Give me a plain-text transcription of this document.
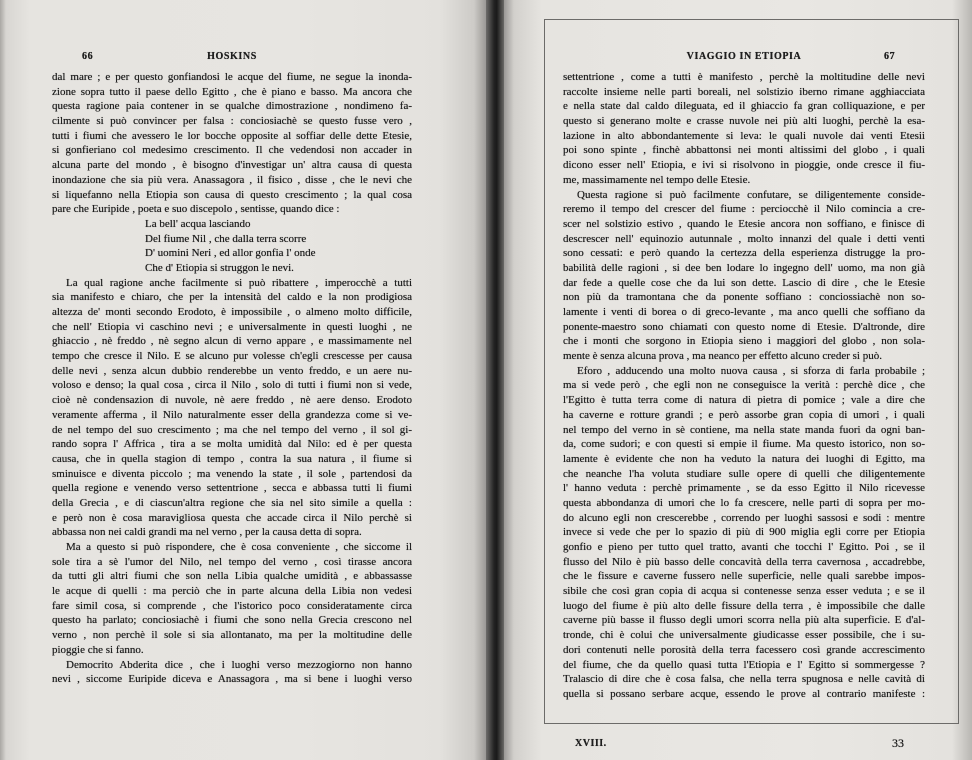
66	HOSKINS	VIAGGIO IN ETIOPIA	67
dal mare ; e per questo gonfiandosi le acque del fiume, ne segue la inonda-
zione sopra tutto il paese dello Egitto , che è piano e basso. Ma ancora che
questa ragione paia contener in se qualche dimostrazione , nondimeno fa-
cilmente si può convincer per falsa : conciosiachè se questo fusse vero ,
tutti i fiumi che avessero le lor bocche opposite al soffiar delle dette Etesie,
si gonfieriano col medesimo crescimento. Il che vedendosi non accader in
alcuna parte del mondo , è bisogno d'investigar un' altra causa di questa
inondazione che sia più vera. Anassagora , il fisico , disse , che le nevi che
si liquefanno nella Etiopia son causa di questo crescimento ; la qual cosa
pare che Euripide , poeta e suo discepolo , sentisse, quando dice :
La bell' acqua lasciando
Del fiume Nil , che dalla terra scorre
D' uomini Neri , ed allor gonfia l' onde
Che d' Etiopia si struggon le nevi.
La qual ragione anche facilmente si può ribattere , imperocchè a tutti
sia manifesto e chiaro, che per la intensità del caldo e la non prodigiosa
altezza de' monti secondo Erodoto, è impossibile , o almeno molto difficile,
che nell' Etiopia vi caschino nevi ; e universalmente in questi luoghi , ne
ghiaccio , nè freddo , nè segno alcun di verno appare , e massimamente nel
tempo che cresce il Nilo. E se alcuno pur volesse ch'egli crescesse per causa
delle nevi , senza alcun dubbio renderebbe un vento freddo, e un aere nu-
voloso e denso; la qual cosa , circa il Nilo , solo di tutti i fiumi non si vede,
cioè nè condensazion di nuvole, nè aere freddo , nè aere denso. Erodoto
veramente afferma , il Nilo naturalmente esser della grandezza come si ve-
de nel tempo del suo crescimento ; ma che nel tempo del verno , il sol gi-
rando sopra l' Affrica , tira a se molta umidità dal Nilo: ed è per questa
causa, che in quella stagion di tempo , contra la sua natura , il fiume si
sminuisce e diventa piccolo ; ma venendo la state , il sole , partendosi da
quella regione e venendo verso settentrione , secca e abbassa tutti li fiumi
della Grecia , e di ciascun'altra regione che sia nel sito simile a quella :
e però non è cosa maravigliosa questa che accade circa il Nilo perchè si
abbassa non nei caldi grandi ma nel verno , per la causa detta di sopra.
Ma a questo si può rispondere, che è cosa conveniente , che siccome il
sole tira a sè l'umor del Nilo, nel tempo del verno , così tirasse ancora
da tutti gli altri fiumi che son nella Libia qualche umidità , e abbassasse
le acque di quelli : ma perciò che in parte alcuna della Libia non vedesi
fare simil cosa, si comprende , che l'istorico poco consideratamente circa
questo ha parlato; conciosiachè i fiumi che sono nella Grecia crescono nel
verno , non perchè il sole si sia allontanato, ma per la moltitudine delle
pioggie che si fanno.
Democrito Abderita dice , che i luoghi verso mezzogiorno non hanno
nevi , siccome Euripide diceva e Anassagora , ma si bene i luoghi verso
settentrione , come a tutti è manifesto , perchè la moltitudine delle nevi
raccolte insieme nelle parti boreali, nel solstizio iberno rimane agghiacciata
e nella state dal caldo dileguata, ed il ghiaccio fa gran colliquazione, e per
questo si generano molte e crasse nuvole nei più alti luoghi, perchè la esa-
lazione in alto abbondantemente si leva: le quali nuvole dai venti Etesii
poi sono spinte , finchè abbattonsi nei monti altissimi del globo , i quali
dicono esser nell' Etiopia, e ivi si risolvono in pioggie, onde cresce il fiu-
me, massimamente nel tempo delle Etesie.
Questa ragione si può facilmente confutare, se diligentemente conside-
reremo il tempo del crescer del fiume : perciocchè il Nilo comincia a cre-
scer nel solstizio estivo , quando le Etesie ancora non soffiano, e finisce di
descrescer nell' equinozio autunnale , molto innanzi del quale i detti venti
sono cessati: e però quando la certezza della esperienza distrugge la pro-
babilità delle ragioni , si dee ben lodare lo ingegno dell' uomo, ma non già
dar fede a quelle cose che da lui son dette. Lascio di dire , che le Etesie
non più da tramontana che da ponente soffiano : conciossiachè non so-
lamente i venti di borea o di greco-levante , ma anco quelli che soffiano da
ponente-maestro sono chiamati con questo nome di Etesie. D'altronde, dire
che i monti che sorgono in Etiopia sieno i maggiori del globo , non sola-
mente è senza alcuna prova , ma neanco per effetto alcuno creder si può.
Eforo , adducendo una molto nuova causa , si sforza di farla probabile ;
ma si vede però , che egli non ne conseguisce la verità : perchè dice , che
l'Egitto è tutta terra come di natura di pietra di pomice ; vale a dire che
ha caverne e rotture grandi ; e però assorbe gran copia di umori , i quali
nel tempo del verno in sè contiene, ma nella state manda fuori da ogni ban-
da, come sudori; e con questi si empie il fiume. Ma questo istorico, non so-
lamente è evidente che non ha veduto la natura dei luoghi di Egitto, ma
che neanche l'ha voluta studiare sulle opere di quelli che diligentemente
l' hanno veduta : perchè primamente , se da esso Egitto il Nilo ricevesse
questa abbondanza di umori che lo fa crescere, nelle parti di sopra per mo-
do alcuno egli non crescerebbe , correndo per luoghi sassosi e sodi : mentre
invece si vede che per lo spazio di più di 900 miglia egli corre per Etiopia
gonfio e pieno per tutto quel tratto, avanti che tocchi l' Egitto. Poi , se il
flusso del Nilo è più basso delle concavità della terra cavernosa , accadrebbe,
che le fissure e caverne fussero nelle superficie, nelle quali sarebbe impos-
sibile che così gran copia di acqua si contenesse senza esser veduta ; e se il
luogo del fiume è più alto delle fissure della terra , è impossibile che dalle
caverne più basse il flusso degli umori scorra nella più alta superficie. E d'al-
tronde, chi è colui che universalmente giudicasse esser possibile, che i su-
dori contenuti nelle porosità della terra facessero così grande accrescimento
del fiume, che da quello quasi tutta l'Etiopia e l' Egitto si sommergesse ?
Tralascio di dire che è cosa falsa, che nella terra spugnosa e nelle cavità di
quella si possano serbare acque, essendo le prove al contrario manifeste :
XVIII.	33
